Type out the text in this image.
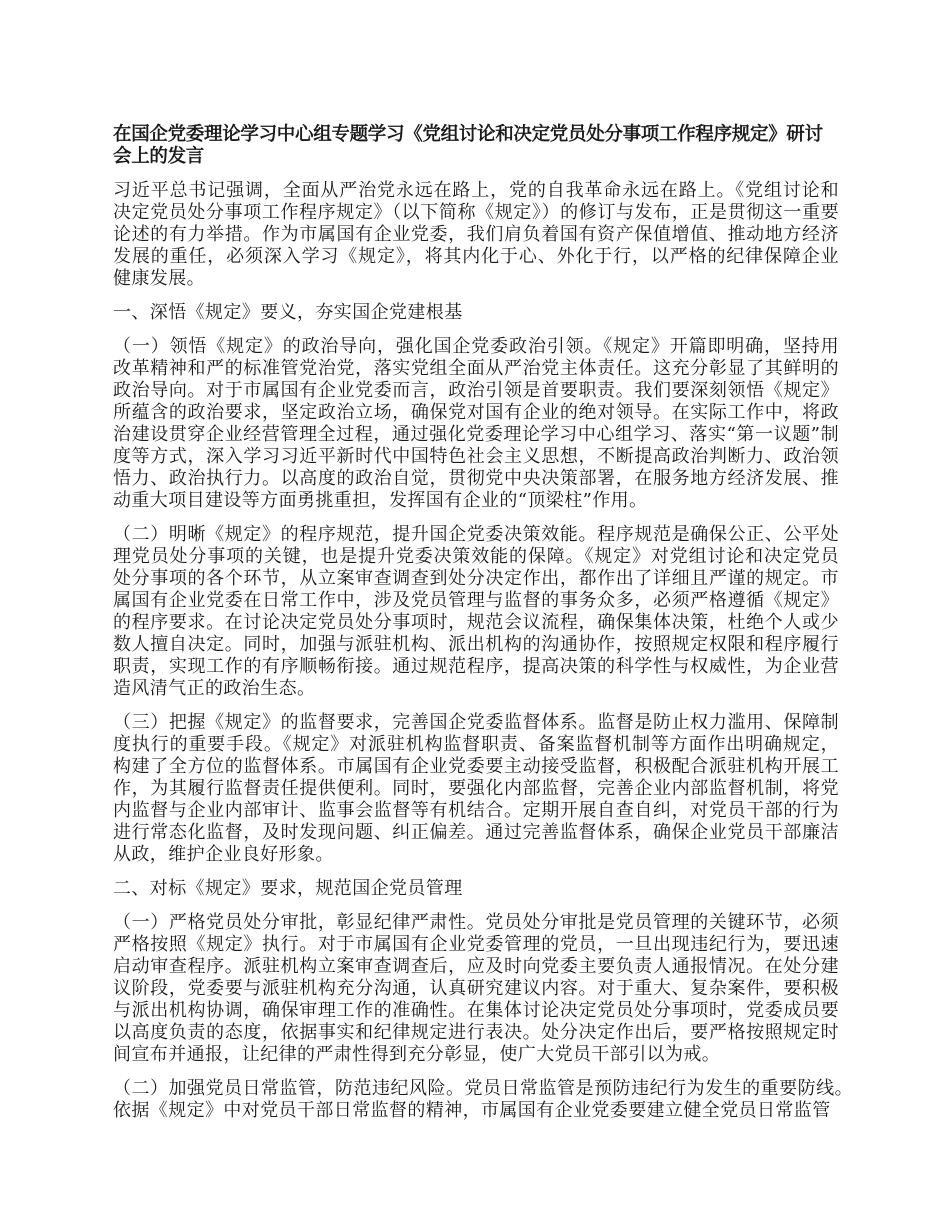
在国企党委理论学习中心组专题学习《党组讨论和决定党员处分事项工作程序规定》研讨会上的发言

习近平总书记强调，全面从严治党永远在路上，党的自我革命永远在路上。《党组讨论和决定党员处分事项工作程序规定》（以下简称《规定》）的修订与发布，正是贯彻这一重要论述的有力举措。作为市属国有企业党委，我们肩负着国有资产保值增值、推动地方经济发展的重任，必须深入学习《规定》，将其内化于心、外化于行，以严格的纪律保障企业健康发展。

一、深悟《规定》要义，夯实国企党建根基

（一）领悟《规定》的政治导向，强化国企党委政治引领。《规定》开篇即明确，坚持用改革精神和严的标准管党治党，落实党组全面从严治党主体责任。这充分彰显了其鲜明的政治导向。对于市属国有企业党委而言，政治引领是首要职责。我们要深刻领悟《规定》所蕴含的政治要求，坚定政治立场，确保党对国有企业的绝对领导。在实际工作中，将政治建设贯穿企业经营管理全过程，通过强化党委理论学习中心组学习、落实“第一议题”制度等方式，深入学习习近平新时代中国特色社会主义思想，不断提高政治判断力、政治领悟力、政治执行力。以高度的政治自觉，贯彻党中央决策部署，在服务地方经济发展、推动重大项目建设等方面勇挑重担，发挥国有企业的“顶梁柱”作用。

（二）明晰《规定》的程序规范，提升国企党委决策效能。程序规范是确保公正、公平处理党员处分事项的关键，也是提升党委决策效能的保障。《规定》对党组讨论和决定党员处分事项的各个环节，从立案审查调查到处分决定作出，都作出了详细且严谨的规定。市属国有企业党委在日常工作中，涉及党员管理与监督的事务众多，必须严格遵循《规定》的程序要求。在讨论决定党员处分事项时，规范会议流程，确保集体决策，杜绝个人或少数人擅自决定。同时，加强与派驻机构、派出机构的沟通协作，按照规定权限和程序履行职责，实现工作的有序顺畅衔接。通过规范程序，提高决策的科学性与权威性，为企业营造风清气正的政治生态。

（三）把握《规定》的监督要求，完善国企党委监督体系。监督是防止权力滥用、保障制度执行的重要手段。《规定》对派驻机构监督职责、备案监督机制等方面作出明确规定，构建了全方位的监督体系。市属国有企业党委要主动接受监督，积极配合派驻机构开展工作，为其履行监督责任提供便利。同时，要强化内部监督，完善企业内部监督机制，将党内监督与企业内部审计、监事会监督等有机结合。定期开展自查自纠，对党员干部的行为进行常态化监督，及时发现问题、纠正偏差。通过完善监督体系，确保企业党员干部廉洁从政，维护企业良好形象。

二、对标《规定》要求，规范国企党员管理

（一）严格党员处分审批，彰显纪律严肃性。党员处分审批是党员管理的关键环节，必须严格按照《规定》执行。对于市属国有企业党委管理的党员，一旦出现违纪行为，要迅速启动审查程序。派驻机构立案审查调查后，应及时向党委主要负责人通报情况。在处分建议阶段，党委要与派驻机构充分沟通，认真研究建议内容。对于重大、复杂案件，要积极与派出机构协调，确保审理工作的准确性。在集体讨论决定党员处分事项时，党委成员要以高度负责的态度，依据事实和纪律规定进行表决。处分决定作出后，要严格按照规定时间宣布并通报，让纪律的严肃性得到充分彰显，使广大党员干部引以为戒。

（二）加强党员日常监管，防范违纪风险。党员日常监管是预防违纪行为发生的重要防线。依据《规定》中对党员干部日常监督的精神，市属国有企业党委要建立健全党员日常监管
